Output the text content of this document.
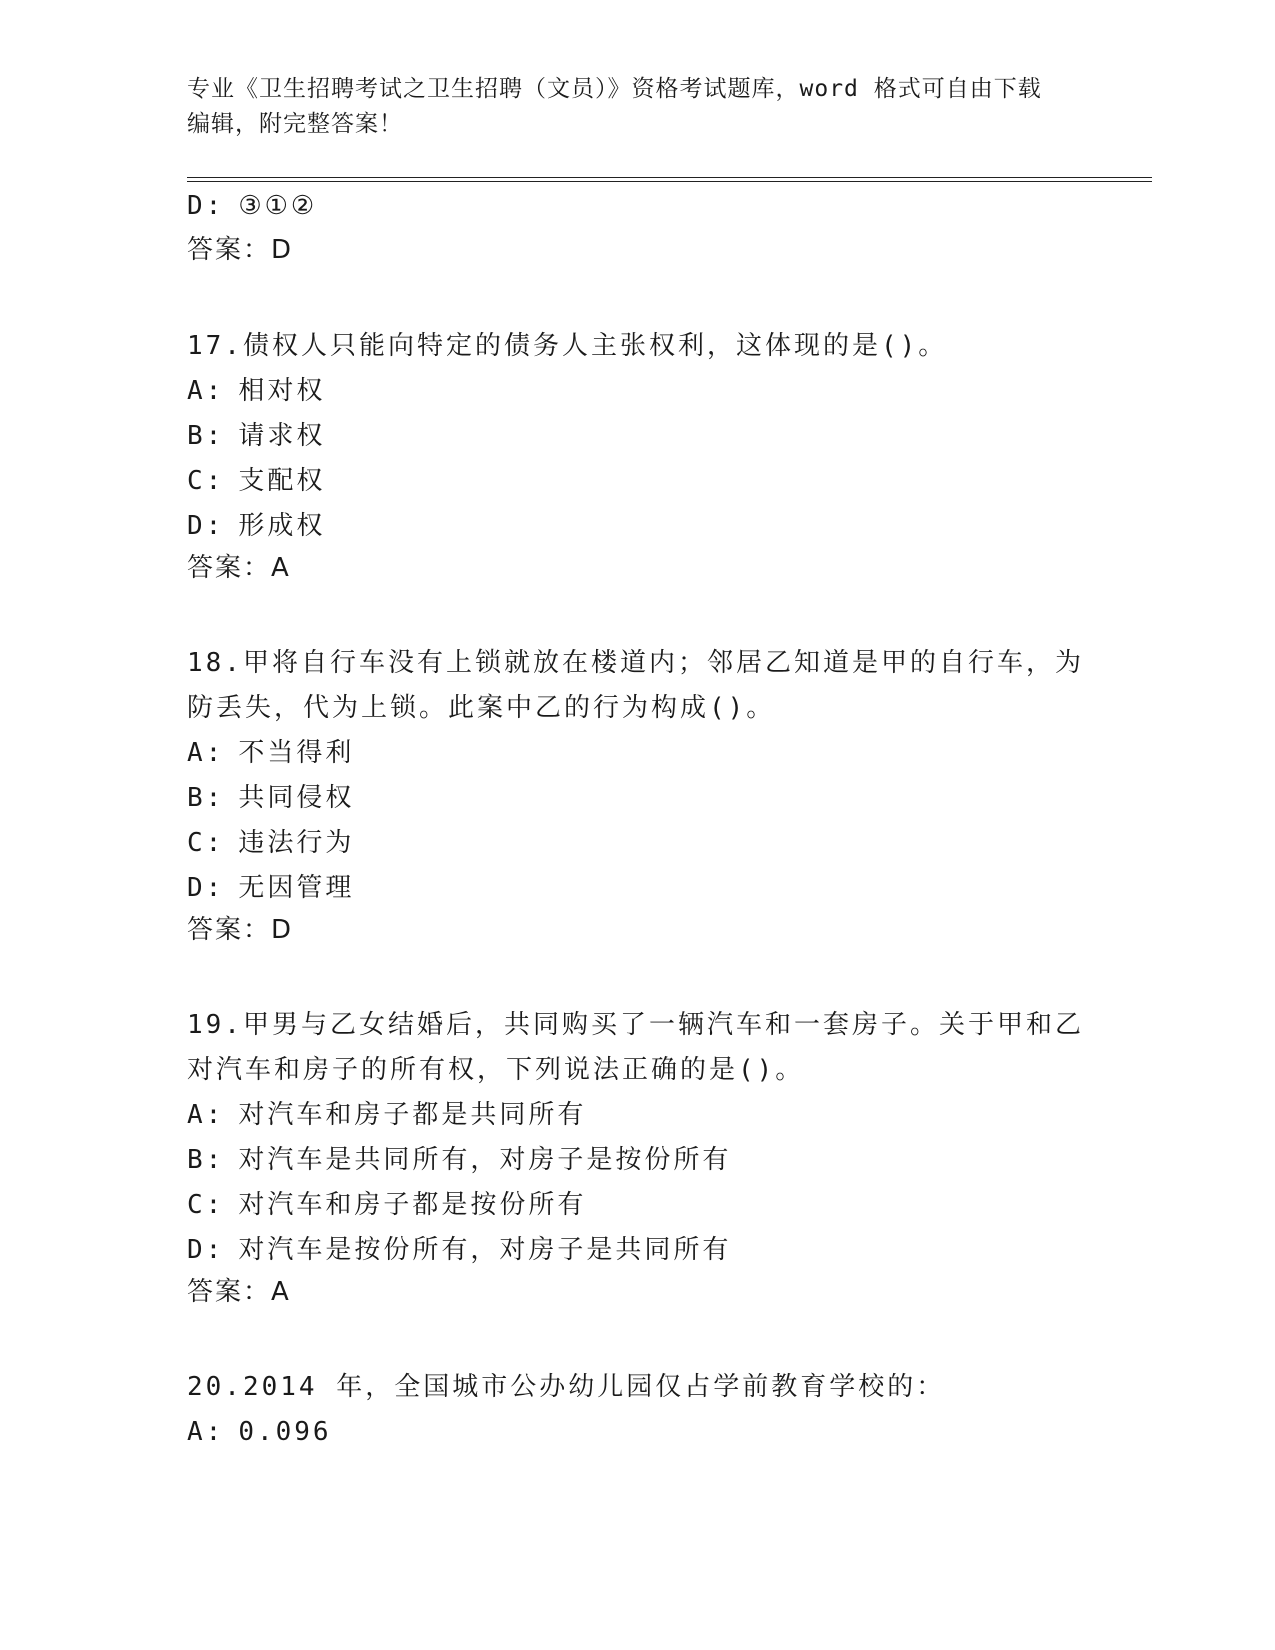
专业《卫生招聘考试之卫生招聘（文员）》资格考试题库，word 格式可自由下载
编辑，附完整答案！
D: ③①②
答案：D
17.债权人只能向特定的债务人主张权利，这体现的是()。
A: 相对权
B: 请求权
C: 支配权
D: 形成权
答案：A
18.甲将自行车没有上锁就放在楼道内；邻居乙知道是甲的自行车，为
防丢失，代为上锁。此案中乙的行为构成()。
A: 不当得利
B: 共同侵权
C: 违法行为
D: 无因管理
答案：D
19.甲男与乙女结婚后，共同购买了一辆汽车和一套房子。关于甲和乙
对汽车和房子的所有权，下列说法正确的是()。
A: 对汽车和房子都是共同所有
B: 对汽车是共同所有，对房子是按份所有
C: 对汽车和房子都是按份所有
D: 对汽车是按份所有，对房子是共同所有
答案：A
20.2014 年，全国城市公办幼儿园仅占学前教育学校的：
A: 0.096
